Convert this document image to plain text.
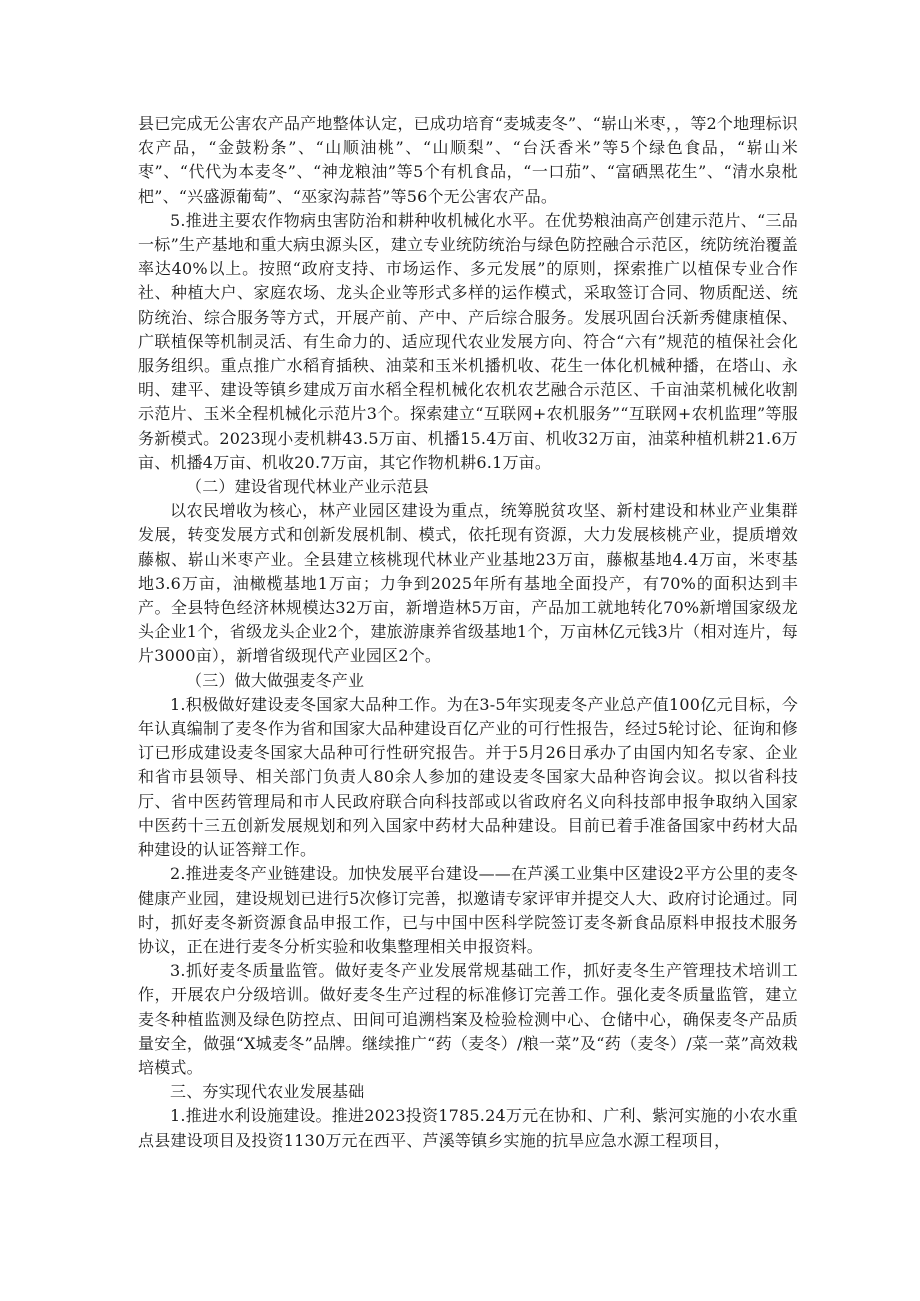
县已完成无公害农产品产地整体认定，已成功培育“麦城麦冬”、“崭山米枣，，等2个地理标识农产品，“金鼓粉条”、“山顺油桃”、“山顺梨”、“台沃香米”等5个绿色食品，“崭山米枣”、“代代为本麦冬”、“神龙粮油”等5个有机食品，“一口茄”、“富硒黑花生”、“清水泉枇杷”、“兴盛源葡萄”、“巫家沟蒜苔”等56个无公害农产品。

5.推进主要农作物病虫害防治和耕种收机械化水平。在优势粮油高产创建示范片、“三品一标”生产基地和重大病虫源头区，建立专业统防统治与绿色防控融合示范区，统防统治覆盖率达40%以上。按照“政府支持、市场运作、多元发展”的原则，探索推广以植保专业合作社、种植大户、家庭农场、龙头企业等形式多样的运作模式，采取签订合同、物质配送、统防统治、综合服务等方式，开展产前、产中、产后综合服务。发展巩固台沃新秀健康植保、广联植保等机制灵活、有生命力的、适应现代农业发展方向、符合“六有”规范的植保社会化服务组织。重点推广水稻育插秧、油菜和玉米机播机收、花生一体化机械种播，在塔山、永明、建平、建设等镇乡建成万亩水稻全程机械化农机农艺融合示范区、千亩油菜机械化收割示范片、玉米全程机械化示范片3个。探索建立“互联网+农机服务”“互联网+农机监理”等服务新模式。2023现小麦机耕43.5万亩、机播15.4万亩、机收32万亩，油菜种植机耕21.6万亩、机播4万亩、机收20.7万亩，其它作物机耕6.1万亩。

（二）建设省现代林业产业示范县

以农民增收为核心，林产业园区建设为重点，统筹脱贫攻坚、新村建设和林业产业集群发展，转变发展方式和创新发展机制、模式，依托现有资源，大力发展核桃产业，提质增效藤椒、崭山米枣产业。全县建立核桃现代林业产业基地23万亩，藤椒基地4.4万亩，米枣基地3.6万亩，油橄榄基地1万亩；力争到2025年所有基地全面投产，有70%的面积达到丰产。全县特色经济林规模达32万亩，新增造林5万亩，产品加工就地转化70%新增国家级龙头企业1个，省级龙头企业2个，建旅游康养省级基地1个，万亩林亿元钱3片（相对连片，每片3000亩），新增省级现代产业园区2个。

（三）做大做强麦冬产业

1.积极做好建设麦冬国家大品种工作。为在3-5年实现麦冬产业总产值100亿元目标，今年认真编制了麦冬作为省和国家大品种建设百亿产业的可行性报告，经过5轮讨论、征询和修订已形成建设麦冬国家大品种可行性研究报告。并于5月26日承办了由国内知名专家、企业和省市县领导、相关部门负责人80余人参加的建设麦冬国家大品种咨询会议。拟以省科技厅、省中医药管理局和市人民政府联合向科技部或以省政府名义向科技部申报争取纳入国家中医药十三五创新发展规划和列入国家中药材大品种建设。目前已着手准备国家中药材大品种建设的认证答辩工作。

2.推进麦冬产业链建设。加快发展平台建设——在芦溪工业集中区建设2平方公里的麦冬健康产业园，建设规划已进行5次修订完善，拟邀请专家评审并提交人大、政府讨论通过。同时，抓好麦冬新资源食品申报工作，已与中国中医科学院签订麦冬新食品原料申报技术服务协议，正在进行麦冬分析实验和收集整理相关申报资料。

3.抓好麦冬质量监管。做好麦冬产业发展常规基础工作，抓好麦冬生产管理技术培训工作，开展农户分级培训。做好麦冬生产过程的标准修订完善工作。强化麦冬质量监管，建立麦冬种植监测及绿色防控点、田间可追溯档案及检验检测中心、仓储中心，确保麦冬产品质量安全，做强“X城麦冬”品牌。继续推广“药（麦冬）/粮一菜”及“药（麦冬）/菜一菜”高效栽培模式。

三、夯实现代农业发展基础

1.推进水利设施建设。推进2023投资1785.24万元在协和、广利、紫河实施的小农水重点县建设项目及投资1130万元在西平、芦溪等镇乡实施的抗旱应急水源工程项目，
